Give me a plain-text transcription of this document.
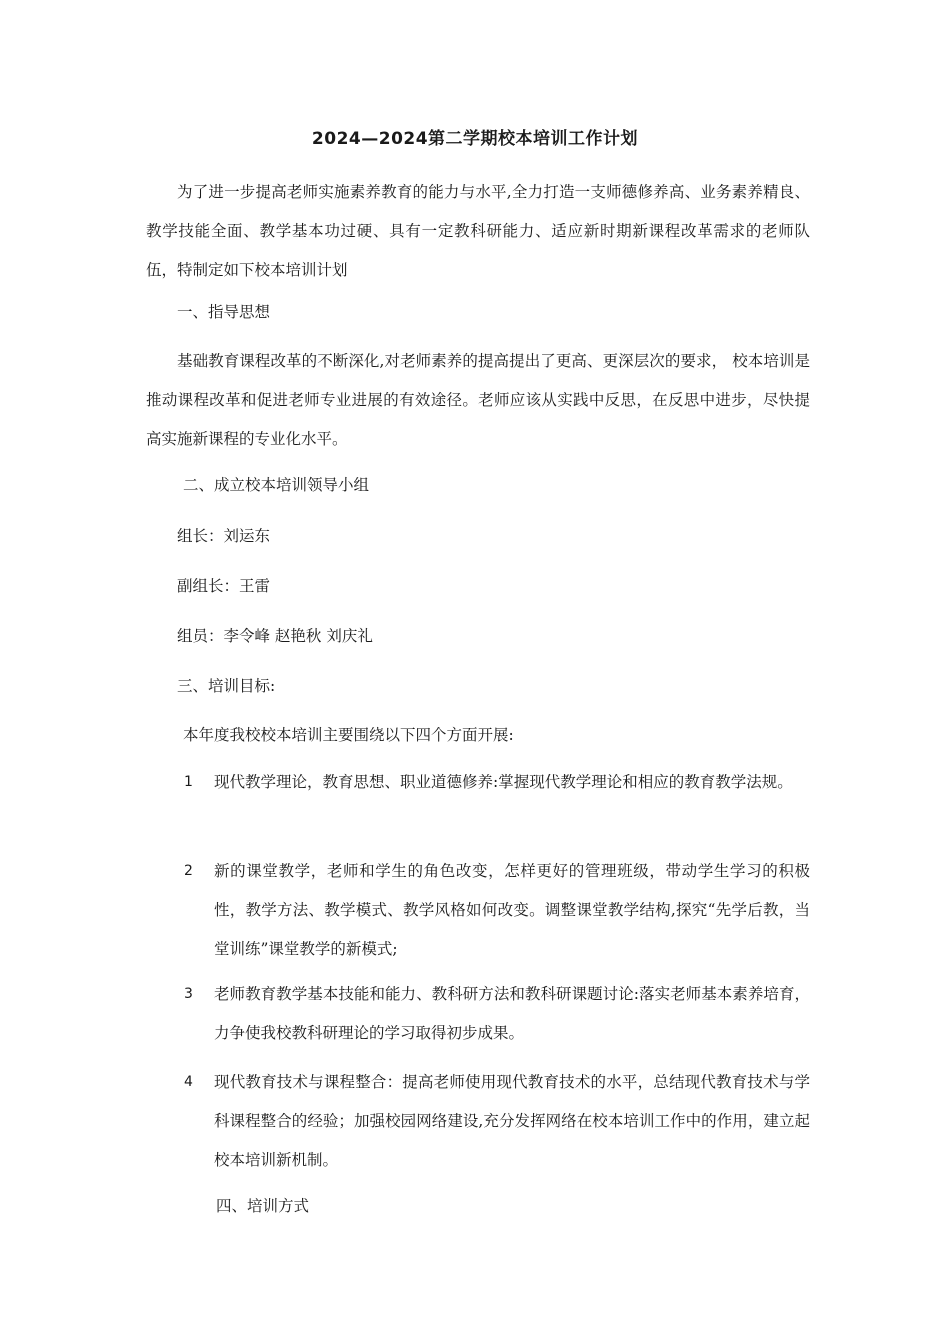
2024—2024第二学期校本培训工作计划

为了进一步提高老师实施素养教育的能力与水平,全力打造一支师德修养高、业务素养精良、教学技能全面、教学基本功过硬、具有一定教科研能力、适应新时期新课程改革需求的老师队伍，特制定如下校本培训计划

一、指导思想

基础教育课程改革的不断深化,对老师素养的提高提出了更高、更深层次的要求， 校本培训是推动课程改革和促进老师专业进展的有效途径。老师应该从实践中反思，在反思中进步，尽快提高实施新课程的专业化水平。

二、成立校本培训领导小组

组长：刘运东

副组长：王雷

组员：李令峰 赵艳秋 刘庆礼

三、培训目标:

本年度我校校本培训主要围绕以下四个方面开展:

1 现代教学理论，教育思想、职业道德修养:掌握现代教学理论和相应的教育教学法规。
2 新的课堂教学，老师和学生的角色改变，怎样更好的管理班级，带动学生学习的积极性，教学方法、教学模式、教学风格如何改变。调整课堂教学结构,探究“先学后教，当堂训练”课堂教学的新模式;
3 老师教育教学基本技能和能力、教科研方法和教科研课题讨论:落实老师基本素养培育，力争使我校教科研理论的学习取得初步成果。
4 现代教育技术与课程整合：提高老师使用现代教育技术的水平，总结现代教育技术与学科课程整合的经验；加强校园网络建设,充分发挥网络在校本培训工作中的作用，建立起校本培训新机制。

四、培训方式
